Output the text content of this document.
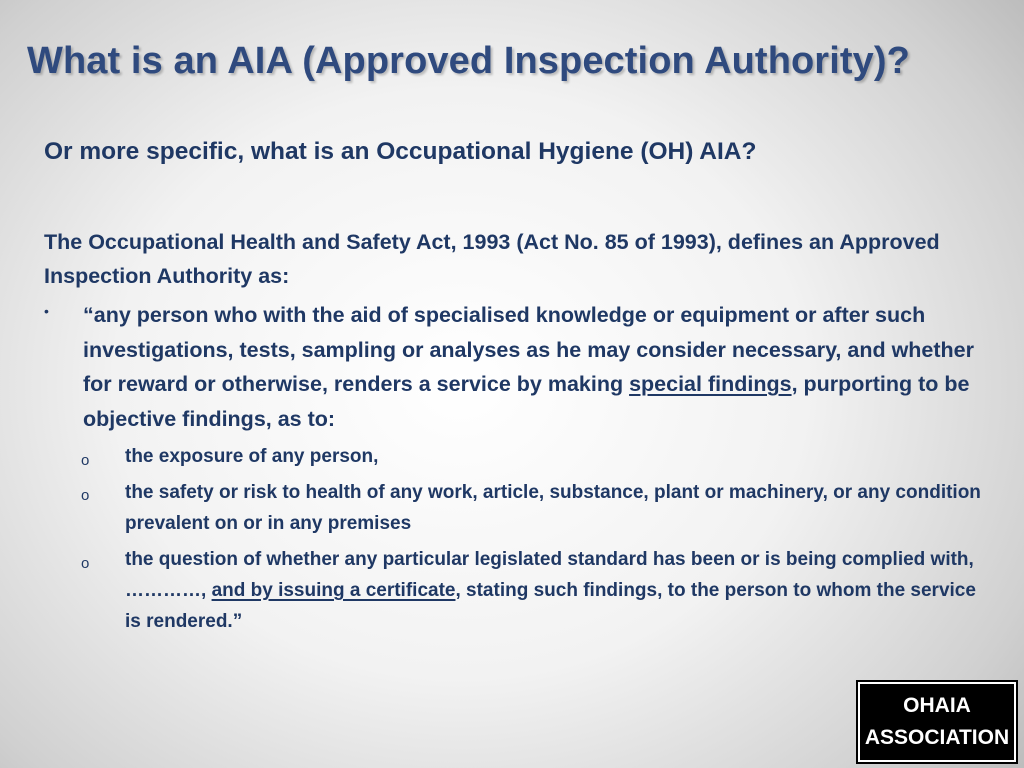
What is an AIA (Approved Inspection Authority)?
Or more specific, what is an Occupational Hygiene (OH) AIA?
The Occupational Health and Safety Act, 1993 (Act No. 85 of 1993), defines an Approved Inspection Authority as:
• “any person who with the aid of specialised knowledge or equipment or after such investigations, tests, sampling or analyses as he may consider necessary, and whether for reward or otherwise, renders a service by making special findings, purporting to be objective findings, as to:
o the exposure of any person,
o the safety or risk to health of any work, article, substance, plant or machinery, or any condition prevalent on or in any premises
o the question of whether any particular legislated standard has been or is being complied with, …………, and by issuing a certificate, stating such findings, to the person to whom the service is rendered.”
OHAIA
ASSOCIATION
